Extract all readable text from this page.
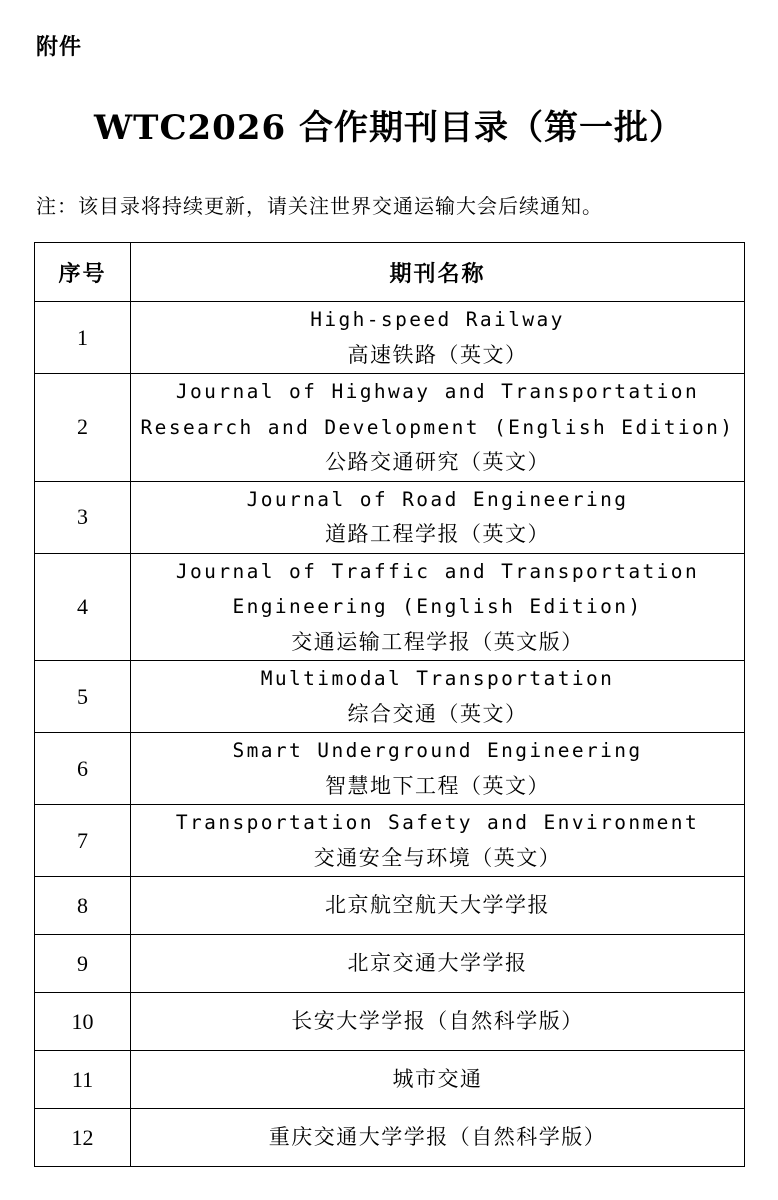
附件
WTC2026 合作期刊目录（第一批）
注：该目录将持续更新，请关注世界交通运输大会后续通知。
序号	期刊名称
1	High-speed Railway
高速铁路（英文）

2	Journal of Highway and Transportation
Research and Development (English Edition)
公路交通研究（英文）

3	Journal of Road Engineering
道路工程学报（英文）

4	Journal of Traffic and Transportation
Engineering (English Edition)
交通运输工程学报（英文版）

5	Multimodal Transportation
综合交通（英文）

6	Smart Underground Engineering
智慧地下工程（英文）

7	Transportation Safety and Environment
交通安全与环境（英文）

8	北京航空航天大学学报

9	北京交通大学学报

10	长安大学学报（自然科学版）

11	城市交通

12	重庆交通大学学报（自然科学版）
